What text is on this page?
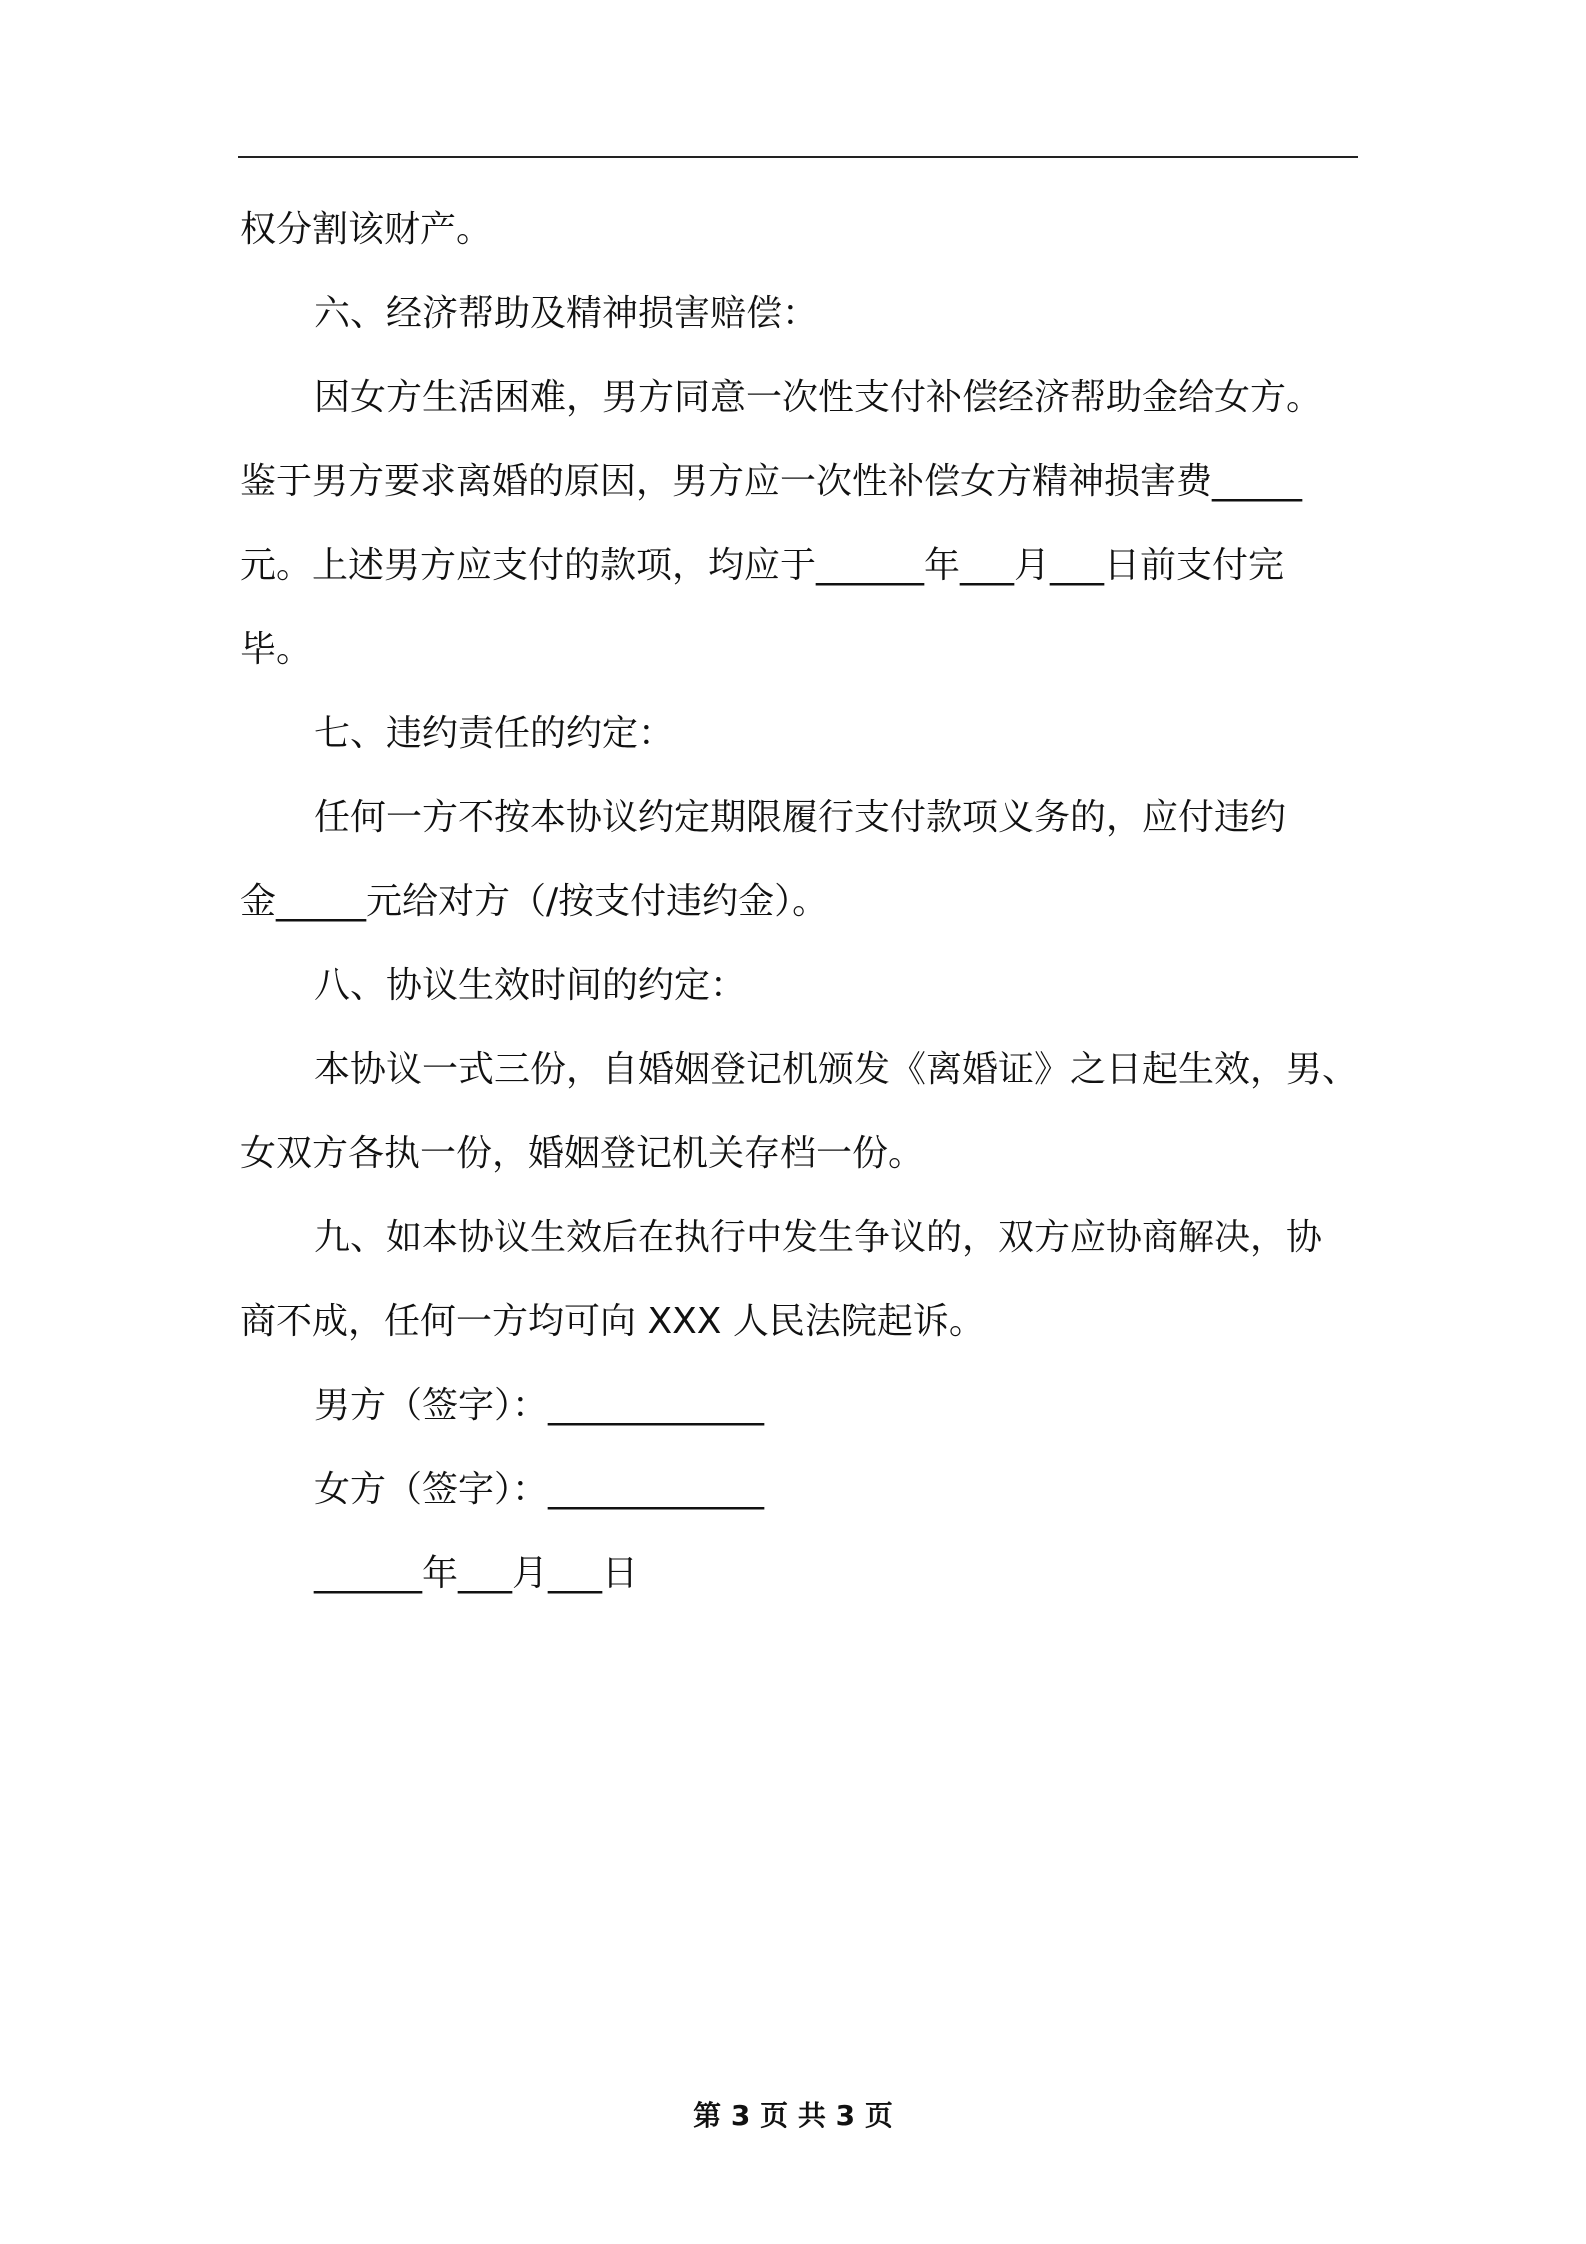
权分割该财产。
六、经济帮助及精神损害赔偿：
因女方生活困难，男方同意一次性支付补偿经济帮助金给女方。
鉴于男方要求离婚的原因，男方应一次性补偿女方精神损害费_____
元。上述男方应支付的款项，均应于______年___月___日前支付完
毕。
七、违约责任的约定：
任何一方不按本协议约定期限履行支付款项义务的，应付违约
金_____元给对方（/按支付违约金）。
八、协议生效时间的约定：
本协议一式三份，自婚姻登记机颁发《离婚证》之日起生效，男、
女双方各执一份，婚姻登记机关存档一份。
九、如本协议生效后在执行中发生争议的，双方应协商解决，协
商不成，任何一方均可向 XXX 人民法院起诉。
男方（签字）：____________
女方（签字）：____________
______年___月___日
第 3 页 共 3 页
